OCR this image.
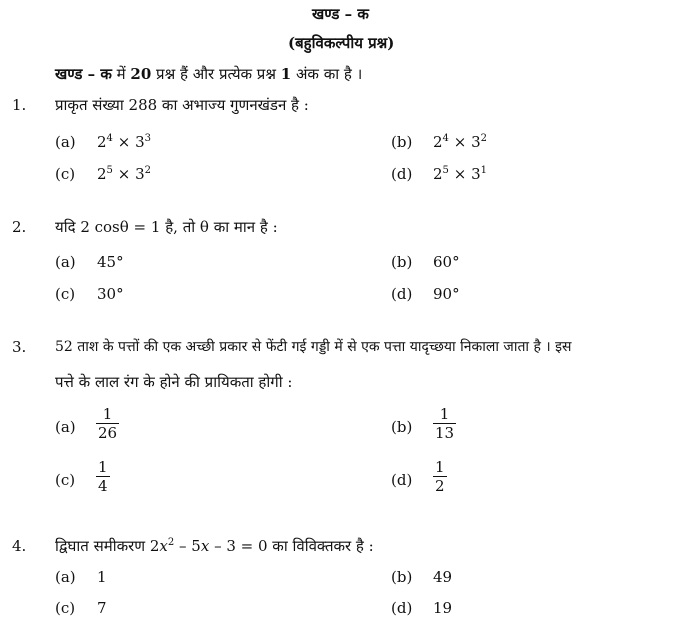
खण्ड – क
(बहुविकल्पीय प्रश्न)
खण्ड – क में 20 प्रश्न हैं और प्रत्येक प्रश्न 1 अंक का है ।
1. प्राकृत संख्या 288 का अभाज्य गुणनखंडन है :
(a) $2^4 \times 3^3$	(b) $2^4 \times 3^2$
(c) $2^5 \times 3^2$	(d) $2^5 \times 3^1$
2. यदि 2 cosθ = 1 है, तो θ का मान है :
(a) 45°	(b) 60°
(c) 30°	(d) 90°
3. 52 ताश के पत्तों की एक अच्छी प्रकार से फेंटी गई गड्डी में से एक पत्ता यादृच्छया निकाला जाता है । इस
पत्ते के लाल रंग के होने की प्रायिकता होगी :
$(a) \frac{1}{26}$	$(b) \frac{1}{13}$
$(c) \frac{1}{4}$	$(d) \frac{1}{2}$
4. द्विघात समीकरण $2x^2 - 5x - 3 = 0$ का विविक्तकर है :
(a) 1	(b) 49
(c) 7	(d) 19
